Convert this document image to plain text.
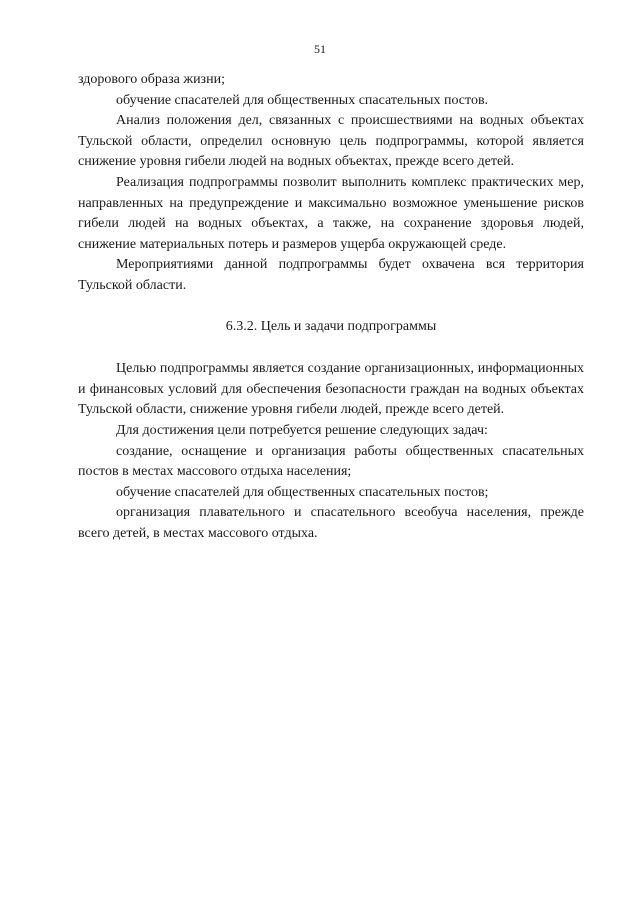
51

здорового образа жизни;

обучение спасателей для общественных спасательных постов.

Анализ положения дел, связанных с происшествиями на водных объектах Тульской области, определил основную цель подпрограммы, которой является снижение уровня гибели людей на водных объектах, прежде всего детей.

Реализация подпрограммы позволит выполнить комплекс практических мер, направленных на предупреждение и максимально возможное уменьшение рисков гибели людей на водных объектах, а также, на сохранение здоровья людей, снижение материальных потерь и размеров ущерба окружающей среде.

Мероприятиями данной подпрограммы будет охвачена вся территория Тульской области.

6.3.2. Цель и задачи подпрограммы

Целью подпрограммы является создание организационных, информационных и финансовых условий для обеспечения безопасности граждан на водных объектах Тульской области, снижение уровня гибели людей, прежде всего детей.

Для достижения цели потребуется решение следующих задач:

создание, оснащение и организация работы общественных спасательных постов в местах массового отдыха населения;

обучение спасателей для общественных спасательных постов;

организация плавательного и спасательного всеобуча населения, прежде всего детей, в местах массового отдыха.
